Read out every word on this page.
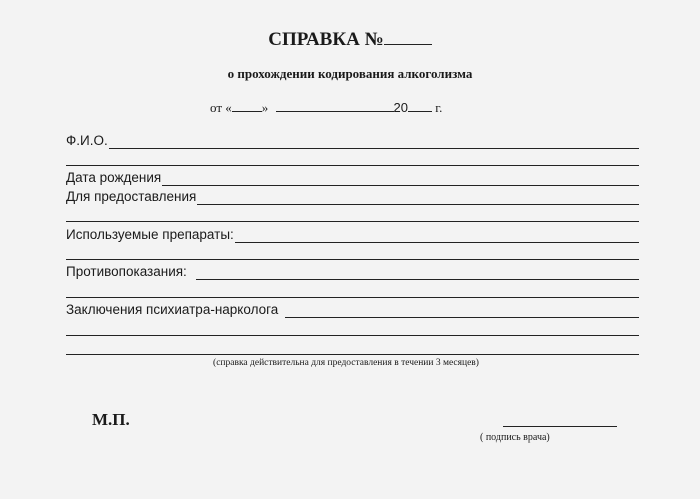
СПРАВКА №
о прохождении кодирования алкоголизма
от « »	20 г.
Ф.И.О.
Дата рождения
Для предоставления
Используемые препараты:
Противопоказания:
Заключения психиатра-нарколога
(справка действительна для предоставления в течении 3 месяцев)
М.П.
( подпись врача)
